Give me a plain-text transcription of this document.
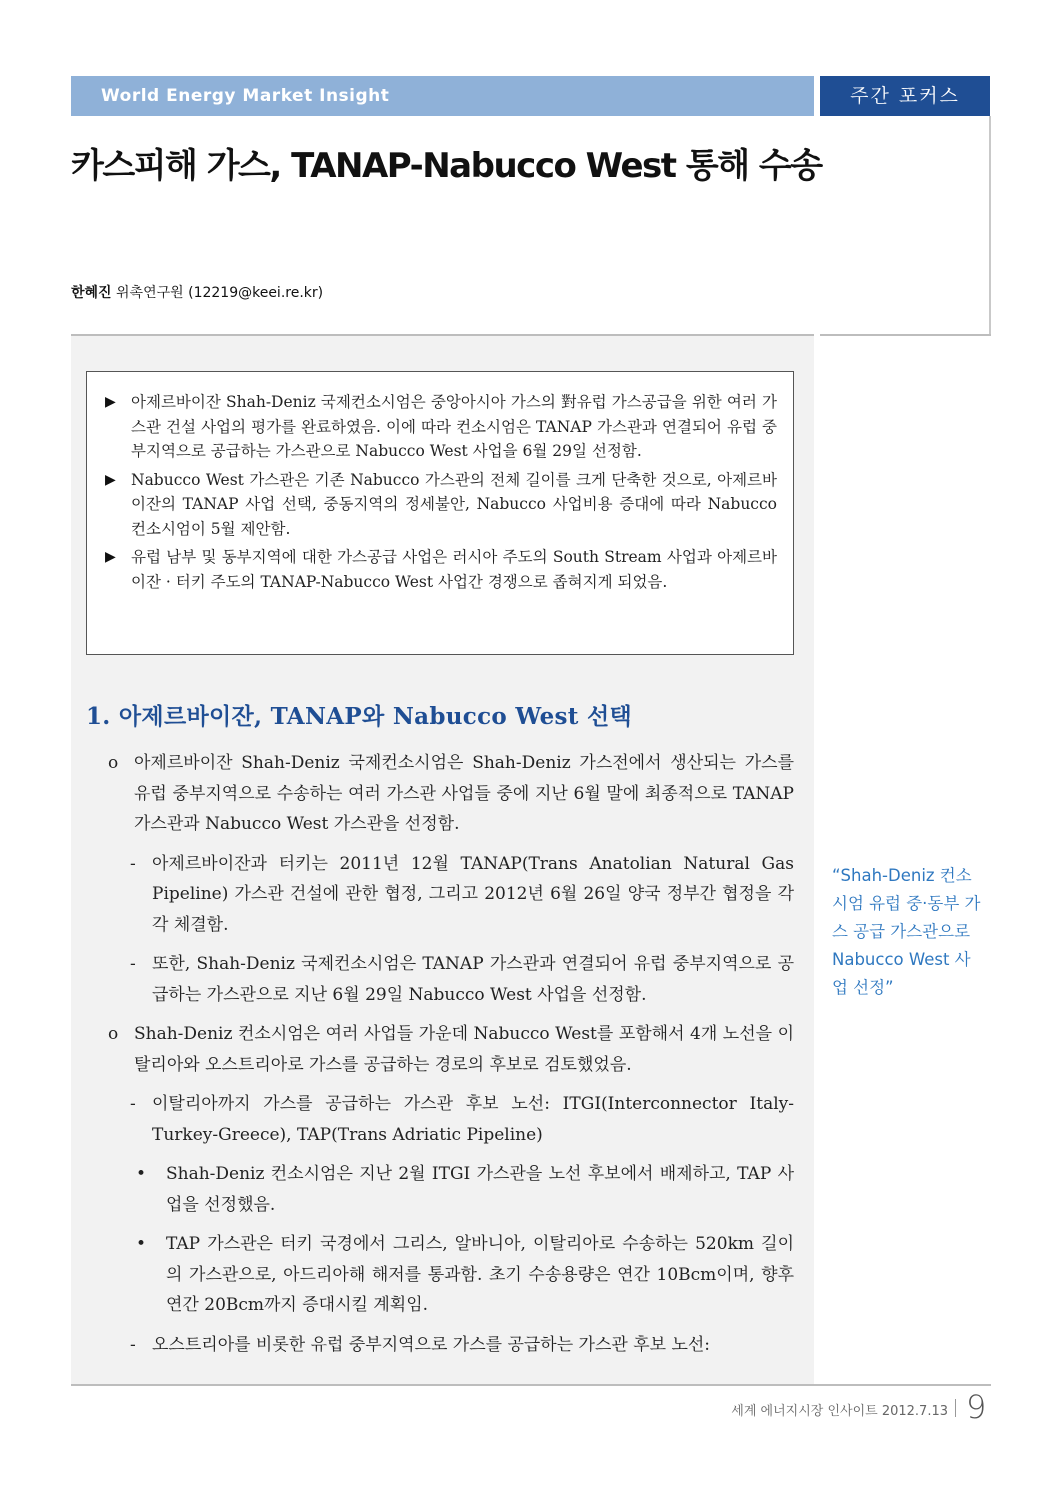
World Energy Market Insight	주간 포커스
카스피해 가스, TANAP-Nabucco West 통해 수송
한혜진 위촉연구원 (12219@keei.re.kr)
▶ 아제르바이잔 Shah-Deniz 국제컨소시엄은 중앙아시아 가스의 對유럽 가스공급을 위한 여러 가스관 건설 사업의 평가를 완료하였음. 이에 따라 컨소시엄은 TANAP 가스관과 연결되어 유럽 중부지역으로 공급하는 가스관으로 Nabucco West 사업을 6월 29일 선정함.
▶ Nabucco West 가스관은 기존 Nabucco 가스관의 전체 길이를 크게 단축한 것으로, 아제르바이잔의 TANAP 사업 선택, 중동지역의 정세불안, Nabucco 사업비용 증대에 따라 Nabucco 컨소시엄이 5월 제안함.
▶ 유럽 남부 및 동부지역에 대한 가스공급 사업은 러시아 주도의 South Stream 사업과 아제르바이잔 · 터키 주도의 TANAP-Nabucco West 사업간 경쟁으로 좁혀지게 되었음.
1. 아제르바이잔, TANAP와 Nabucco West 선택
o 아제르바이잔 Shah-Deniz 국제컨소시엄은 Shah-Deniz 가스전에서 생산되는 가스를 유럽 중부지역으로 수송하는 여러 가스관 사업들 중에 지난 6월 말에 최종적으로 TANAP 가스관과 Nabucco West 가스관을 선정함.
- 아제르바이잔과 터키는 2011년 12월 TANAP(Trans Anatolian Natural Gas Pipeline) 가스관 건설에 관한 협정, 그리고 2012년 6월 26일 양국 정부간 협정을 각각 체결함.
- 또한, Shah-Deniz 국제컨소시엄은 TANAP 가스관과 연결되어 유럽 중부지역으로 공급하는 가스관으로 지난 6월 29일 Nabucco West 사업을 선정함.
o Shah-Deniz 컨소시엄은 여러 사업들 가운데 Nabucco West를 포함해서 4개 노선을 이탈리아와 오스트리아로 가스를 공급하는 경로의 후보로 검토했었음.
- 이탈리아까지 가스를 공급하는 가스관 후보 노선: ITGI(Interconnector Italy-Turkey-Greece), TAP(Trans Adriatic Pipeline)
• Shah-Deniz 컨소시엄은 지난 2월 ITGI 가스관을 노선 후보에서 배제하고, TAP 사업을 선정했음.
• TAP 가스관은 터키 국경에서 그리스, 알바니아, 이탈리아로 수송하는 520km 길이의 가스관으로, 아드리아해 해저를 통과함. 초기 수송용량은 연간 10Bcm이며, 향후 연간 20Bcm까지 증대시킬 계획임.
- 오스트리아를 비롯한 유럽 중부지역으로 가스를 공급하는 가스관 후보 노선:
“Shah-Deniz 컨소시엄 유럽 중·동부 가스 공급 가스관으로 Nabucco West 사업 선정”
세계 에너지시장 인사이트 2012.7.13 9
